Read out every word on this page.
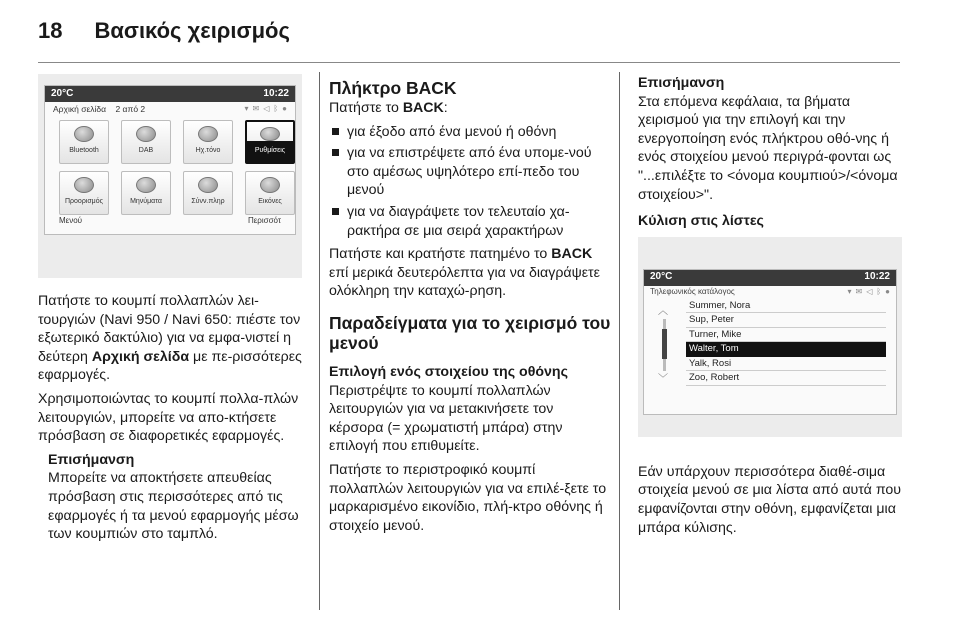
18 Βασικός χειρισμός
20°C	10:22
Αρχική σελίδα 2 από 2	▾ ✉ ◁ ᛒ ●
Bluetooth	DAB	Ηχ.τόνο	Ρυθμίσεις
Προορισμός	Μηνύματα	Σύνν.πληρ	Εικόνες
Μενού	Περισσότ

Πατήστε το κουμπί πολλαπλών λει-τουργιών (Navi 950 / Navi 650: πιέστε τον εξωτερικό δακτύλιο) για να εμφα-νιστεί η δεύτερη Αρχική σελίδα με πε-ρισσότερες εφαρμογές.

Χρησιμοποιώντας το κουμπί πολλα-πλών λειτουργιών, μπορείτε να απο-κτήσετε πρόσβαση σε διαφορετικές εφαρμογές.

Επισήμανση
Μπορείτε να αποκτήσετε απευθείας πρόσβαση στις περισσότερες από τις εφαρμογές ή τα μενού εφαρμογής μέσω των κουμπιών στο ταμπλό.
Πλήκτρο BACK

Πατήστε το BACK:

για έξοδο από ένα μενού ή οθόνη
για να επιστρέψετε από ένα υπομε-νού στο αμέσως υψηλότερο επί-πεδο του μενού
για να διαγράψετε τον τελευταίο χα-ρακτήρα σε μια σειρά χαρακτήρων

Πατήστε και κρατήστε πατημένο το BACK επί μερικά δευτερόλεπτα για να διαγράψετε ολόκληρη την καταχώ-ρηση.

Παραδείγματα για το χειρισμό του μενού
Επιλογή ενός στοιχείου της οθόνης

Περιστρέψτε το κουμπί πολλαπλών λειτουργιών για να μετακινήσετε τον κέρσορα (= χρωματιστή μπάρα) στην επιλογή που επιθυμείτε.

Πατήστε το περιστροφικό κουμπί πολλαπλών λειτουργιών για να επιλέ-ξετε το μαρκαρισμένο εικονίδιο, πλή-κτρο οθόνης ή στοιχείο μενού.

Επισήμανση

Στα επόμενα κεφάλαια, τα βήματα χειρισμού για την επιλογή και την ενεργοποίηση ενός πλήκτρου οθό-νης ή ενός στοιχείου μενού περιγρά-φονται ως "...επιλέξτε το <όνομα κουμπιού>/<όνομα στοιχείου>".

Κύλιση στις λίστες
20°C	10:22
Τηλεφωνικός κατάλογος	▾ ✉ ◁ ᛒ ●
︿
﹀
Summer, Nora
Sup, Peter
Turner, Mike
Walter, Tom
Yalk, Rosi
Zoo, Robert

Εάν υπάρχουν περισσότερα διαθέ-σιμα στοιχεία μενού σε μια λίστα από αυτά που εμφανίζονται στην οθόνη, εμφανίζεται μια μπάρα κύλισης.
